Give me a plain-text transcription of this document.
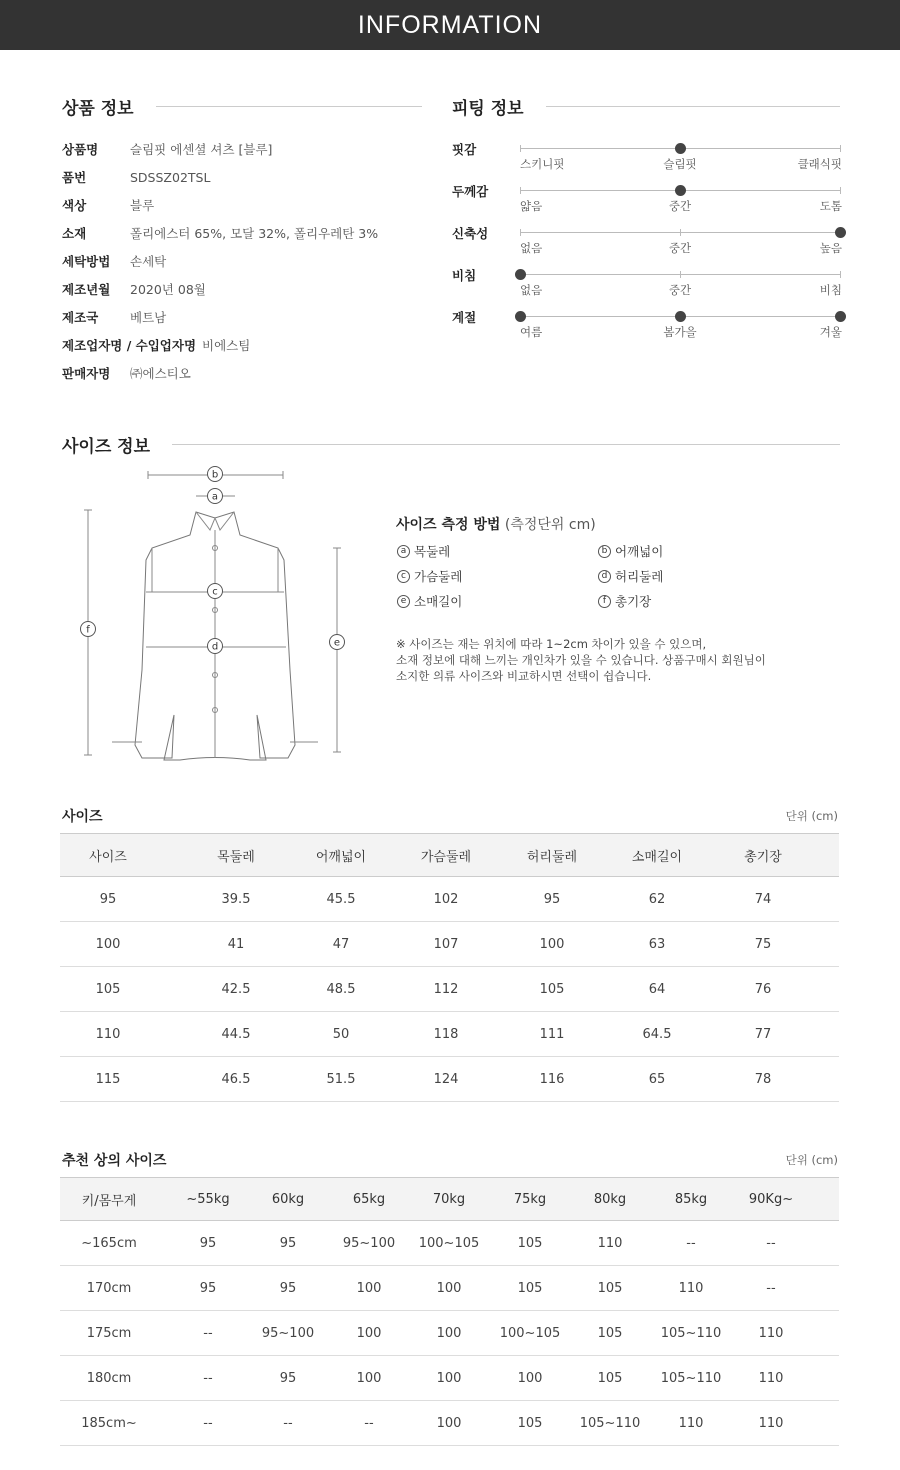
INFORMATION
상품 정보
상품명	슬림핏 에센셜 셔츠 [블루]
품번	SDSSZ02TSL
색상	블루
소재	폴리에스터 65%, 모달 32%, 폴리우레탄 3%
세탁방법	손세탁
제조년월	2020년 08월
제조국	베트남
제조업자명 / 수입업자명 비에스팀
판매자명	㈜에스티오
피팅 정보
핏감
스키니핏	슬림핏	클래식핏
두께감
얇음	중간	도톰
신축성
없음	중간	높음
비침
없음	중간	비침
계절
여름	봄가을	겨울
사이즈 정보
b
a
c
d	e
f
사이즈 측정 방법 (측정단위 cm)
a 목둘레	b 어깨넓이
c 가슴둘레	d 허리둘레
e 소매길이	f 총기장
※ 사이즈는 재는 위치에 따라 1~2cm 차이가 있을 수 있으며,
소재 정보에 대해 느끼는 개인차가 있을 수 있습니다. 상품구매시 회원님이
소지한 의류 사이즈와 비교하시면 선택이 쉽습니다.
사이즈	단위 (cm)
사이즈	목둘레	어깨넓이	가슴둘레	허리둘레	소매길이	총기장
95	39.5	45.5	102	95	62	74
100	41	47	107	100	63	75
105	42.5	48.5	112	105	64	76
110	44.5	50	118	111	64.5	77
115	46.5	51.5	124	116	65	78
추천 상의 사이즈	단위 (cm)
키/몸무게	~55kg	60kg	65kg	70kg	75kg	80kg	85kg	90Kg~
~165cm	95	95	95~100	100~105	105	110	--	--
170cm	95	95	100	100	105	105	110	--
175cm	--	95~100	100	100	100~105	105	105~110	110
180cm	--	95	100	100	100	105	105~110	110
185cm~	--	--	--	100	105	105~110	110	110
